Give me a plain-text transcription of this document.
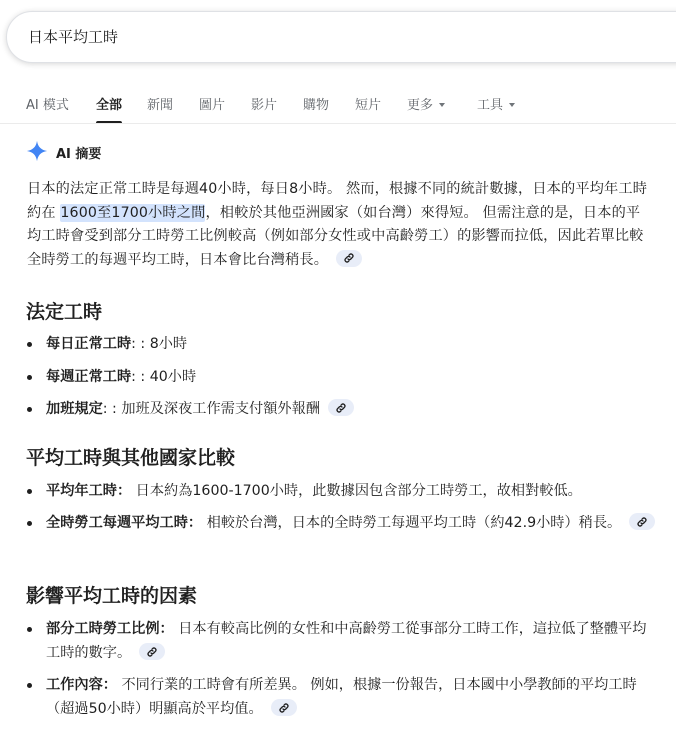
日本平均工時
AI 模式 全部 新聞 圖片 影片 購物 短片 更多	工具
AI 摘要
日本的法定正常工時是每週40小時，每日8小時。 然而，根據不同的統計數據，日本的平均年工時約在 1600至1700小時之間，相較於其他亞洲國家（如台灣）來得短。 但需注意的是，日本的平均工時會受到部分工時勞工比例較高（例如部分女性或中高齡勞工）的影響而拉低，因此若單比較全時勞工的每週平均工時，日本會比台灣稍長。
法定工時
每日正常工時: : 8小時
每週正常工時: : 40小時
加班規定: : 加班及深夜工作需支付額外報酬
平均工時與其他國家比較
平均年工時： 日本約為1600-1700小時，此數據因包含部分工時勞工，故相對較低。
全時勞工每週平均工時： 相較於台灣，日本的全時勞工每週平均工時（約42.9小時）稍長。
影響平均工時的因素
部分工時勞工比例： 日本有較高比例的女性和中高齡勞工從事部分工時工作，這拉低了整體平均工時的數字。
工作內容： 不同行業的工時會有所差異。 例如，根據一份報告，日本國中小學教師的平均工時（超過50小時）明顯高於平均值。
